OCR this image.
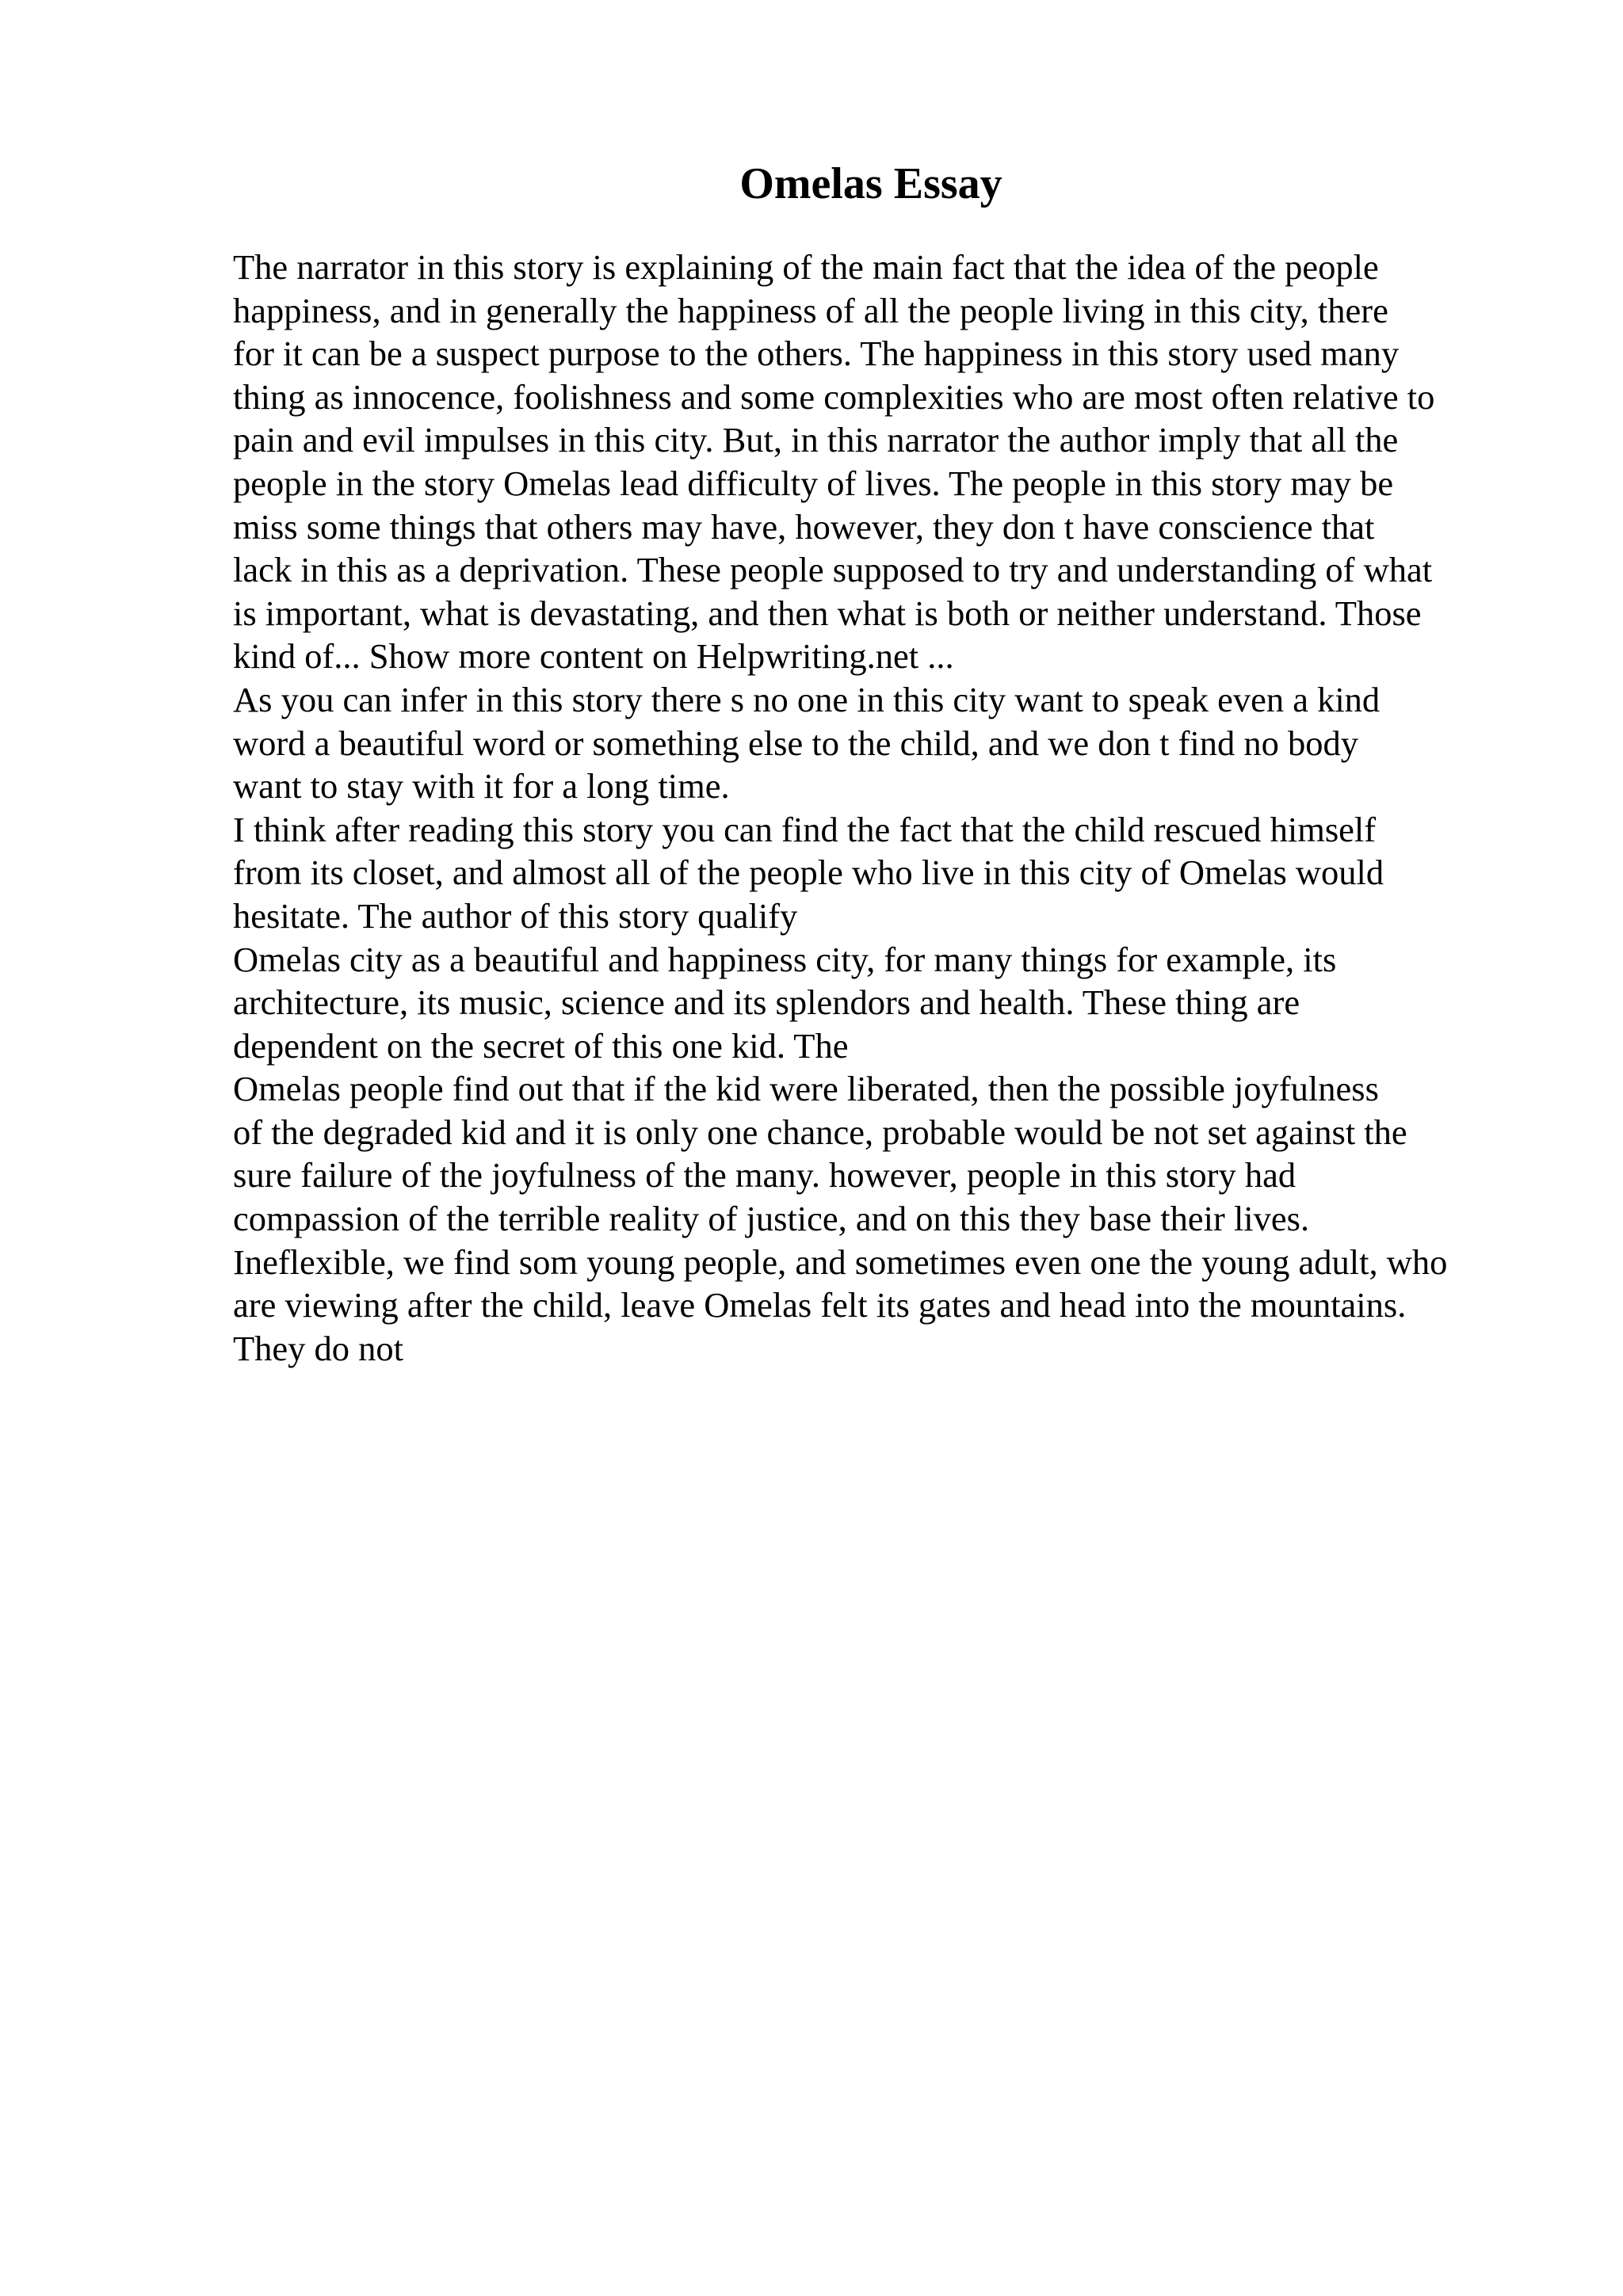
Omelas Essay
The narrator in this story is explaining of the main fact that the idea of the people
happiness, and in generally the happiness of all the people living in this city, there
for it can be a suspect purpose to the others. The happiness in this story used many
thing as innocence, foolishness and some complexities who are most often relative to
pain and evil impulses in this city. But, in this narrator the author imply that all the
people in the story Omelas lead difficulty of lives. The people in this story may be
miss some things that others may have, however, they don t have conscience that
lack in this as a deprivation. These people supposed to try and understanding of what
is important, what is devastating, and then what is both or neither understand. Those
kind of... Show more content on Helpwriting.net ...
As you can infer in this story there s no one in this city want to speak even a kind
word a beautiful word or something else to the child, and we don t find no body
want to stay with it for a long time.
I think after reading this story you can find the fact that the child rescued himself
from its closet, and almost all of the people who live in this city of Omelas would
hesitate. The author of this story qualify
Omelas city as a beautiful and happiness city, for many things for example, its
architecture, its music, science and its splendors and health. These thing are
dependent on the secret of this one kid. The
Omelas people find out that if the kid were liberated, then the possible joyfulness
of the degraded kid and it is only one chance, probable would be not set against the
sure failure of the joyfulness of the many. however, people in this story had
compassion of the terrible reality of justice, and on this they base their lives.
Ineflexible, we find som young people, and sometimes even one the young adult, who
are viewing after the child, leave Omelas felt its gates and head into the mountains.
They do not
